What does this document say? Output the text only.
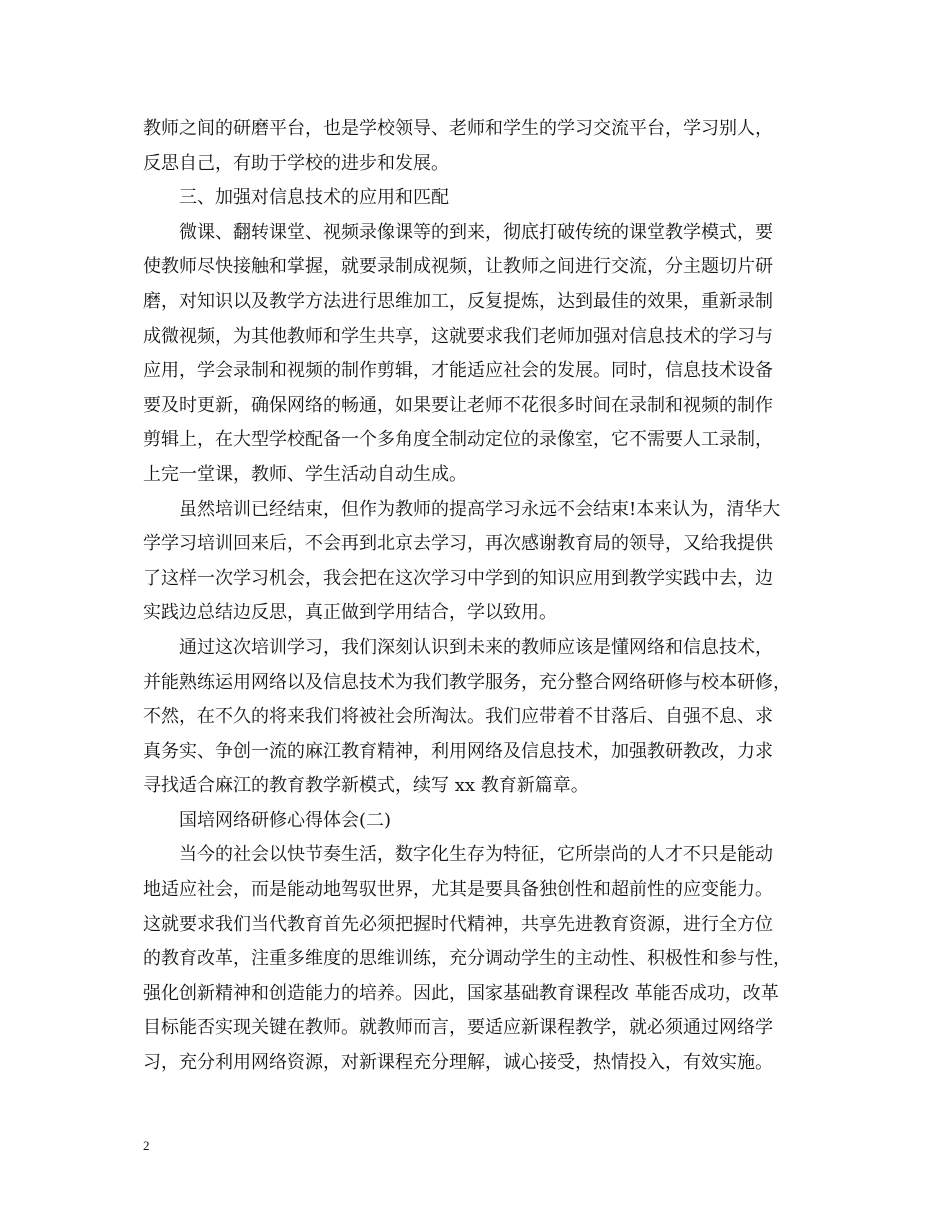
教师之间的研磨平台，也是学校领导、老师和学生的学习交流平台，学习别人，
反思自己，有助于学校的进步和发展。
三、加强对信息技术的应用和匹配
微课、翻转课堂、视频录像课等的到来，彻底打破传统的课堂教学模式，要
使教师尽快接触和掌握，就要录制成视频，让教师之间进行交流，分主题切片研
磨，对知识以及教学方法进行思维加工，反复提炼，达到最佳的效果，重新录制
成微视频，为其他教师和学生共享，这就要求我们老师加强对信息技术的学习与
应用，学会录制和视频的制作剪辑，才能适应社会的发展。同时，信息技术设备
要及时更新，确保网络的畅通，如果要让老师不花很多时间在录制和视频的制作
剪辑上，在大型学校配备一个多角度全制动定位的录像室，它不需要人工录制，
上完一堂课，教师、学生活动自动生成。
虽然培训已经结束，但作为教师的提高学习永远不会结束!本来认为，清华大
学学习培训回来后，不会再到北京去学习，再次感谢教育局的领导，又给我提供
了这样一次学习机会，我会把在这次学习中学到的知识应用到教学实践中去，边
实践边总结边反思，真正做到学用结合，学以致用。
通过这次培训学习，我们深刻认识到未来的教师应该是懂网络和信息技术，
并能熟练运用网络以及信息技术为我们教学服务，充分整合网络研修与校本研修，
不然，在不久的将来我们将被社会所淘汰。我们应带着不甘落后、自强不息、求
真务实、争创一流的麻江教育精神，利用网络及信息技术，加强教研教改，力求
寻找适合麻江的教育教学新模式，续写 xx 教育新篇章。
国培网络研修心得体会(二)
当今的社会以快节奏生活，数字化生存为特征，它所崇尚的人才不只是能动
地适应社会，而是能动地驾驭世界，尤其是要具备独创性和超前性的应变能力。
这就要求我们当代教育首先必须把握时代精神，共享先进教育资源，进行全方位
的教育改革，注重多维度的思维训练，充分调动学生的主动性、积极性和参与性，
强化创新精神和创造能力的培养。因此，国家基础教育课程改 革能否成功，改革
目标能否实现关键在教师。就教师而言，要适应新课程教学，就必须通过网络学
习，充分利用网络资源，对新课程充分理解，诚心接受，热情投入，有效实施。
2
